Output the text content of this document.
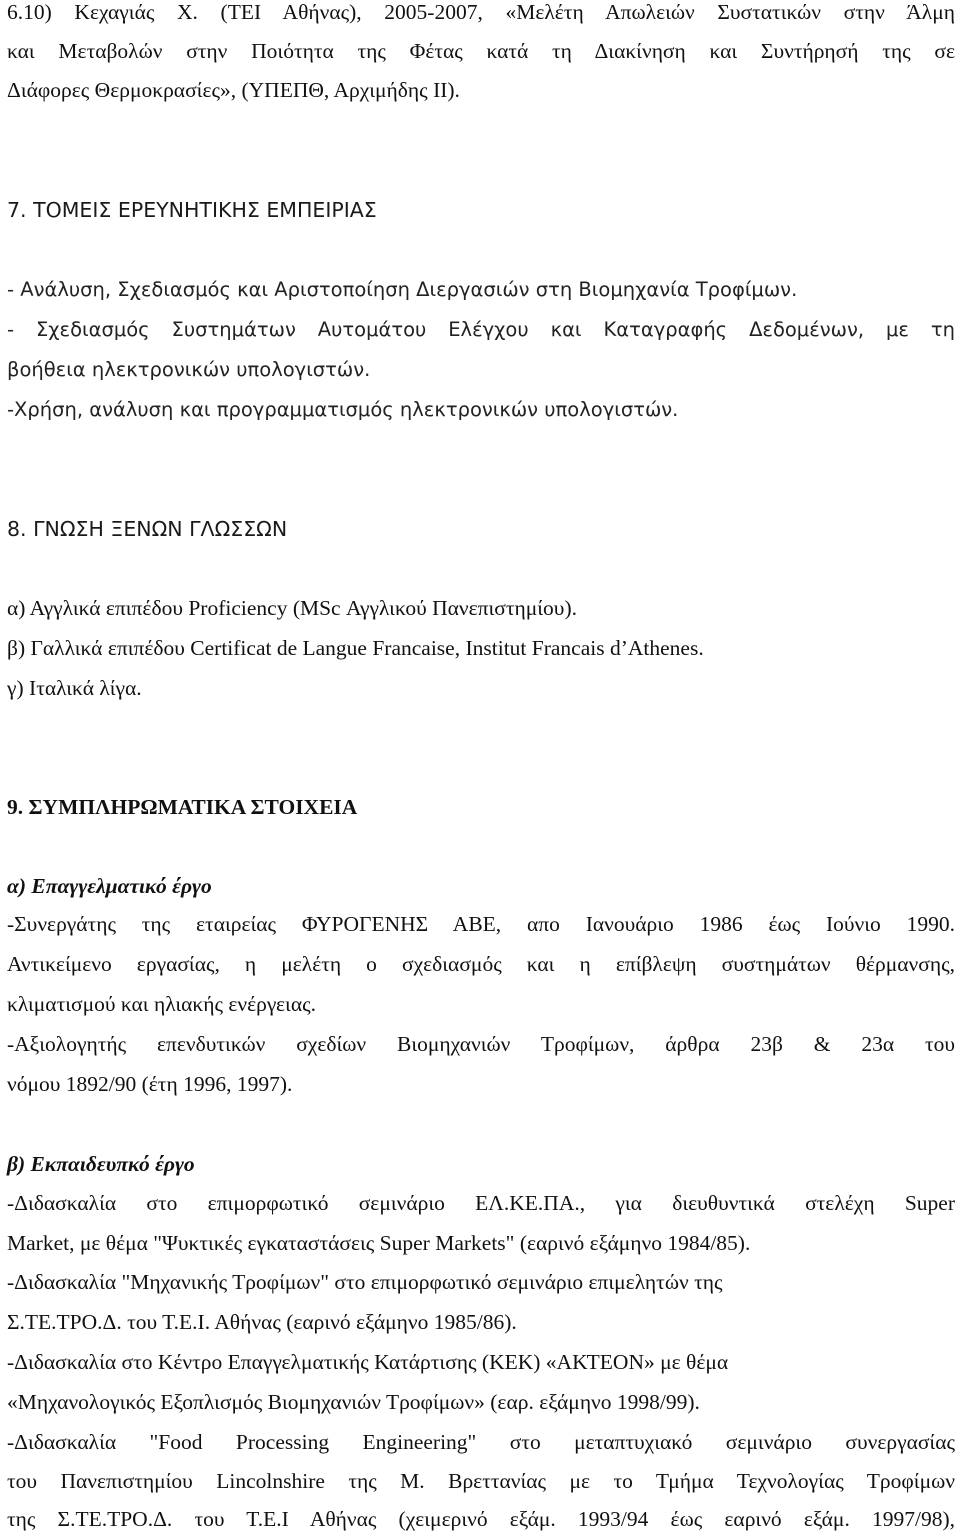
6.10) Κεχαγιάς Χ. (ΤΕΙ Αθήνας), 2005-2007, «Μελέτη Απωλειών Συστατικών στην Άλμη
και Μεταβολών στην Ποιότητα της Φέτας κατά τη Διακίνηση και Συντήρησή της σε
Διάφορες Θερμοκρασίες», (ΥΠΕΠΘ, Αρχιμήδης ΙΙ).
7. ΤΟΜΕΙΣ ΕΡΕΥΝΗΤΙΚΗΣ ΕΜΠΕΙΡΙΑΣ
- Ανάλυση, Σχεδιασμός και Αριστοποίηση Διεργασιών στη Βιομηχανία Τροφίμων.
- Σχεδιασμός Συστημάτων Αυτομάτου Ελέγχου και Καταγραφής Δεδομένων, με τη
βοήθεια ηλεκτρονικών υπολογιστών.
-Χρήση, ανάλυση και προγραμματισμός ηλεκτρονικών υπολογιστών.
8. ΓΝΩΣΗ ΞΕΝΩΝ ΓΛΩΣΣΩΝ
α) Αγγλικά επιπέδου Proficiency (MSc Αγγλικού Πανεπιστημίου).
β) Γαλλικά επιπέδου Certificat de Langue Francaise, Institut Francais d’Athenes.
γ) Ιταλικά λίγα.
9. ΣΥΜΠΛΗΡΩΜΑΤΙΚΑ ΣΤΟΙΧΕΙΑ
α) Επαγγελματικό έργο
-Συνεργάτης της εταιρείας ΦΥΡΟΓΕΝΗΣ ΑΒΕ, απο Ιανουάριο 1986 έως Ιούνιο 1990.
Αντικείμενο εργασίας, η μελέτη ο σχεδιασμός και η επίβλεψη συστημάτων θέρμανσης,
κλιματισμού και ηλιακής ενέργειας.
-Αξιολογητής επενδυτικών σχεδίων Βιομηχανιών Τροφίμων, άρθρα 23β & 23α του
νόμου 1892/90 (έτη 1996, 1997).
β) Εκπαιδευπκό έργο
-Διδασκαλία στο επιμορφωτικό σεμινάριο ΕΛ.ΚΕ.ΠΑ., για διευθυντικά στελέχη Super
Market, με θέμα "Ψυκτικές εγκαταστάσεις Super Markets" (εαρινό εξάμηνο 1984/85).
-Διδασκαλία "Μηχανικής Τροφίμων" στο επιμορφωτικό σεμινάριο επιμελητών της
Σ.ΤΕ.ΤΡΟ.Δ. του Τ.Ε.Ι. Αθήνας (εαρινό εξάμηνο 1985/86).
-Διδασκαλία στο Κέντρο Επαγγελματικής Κατάρτισης (ΚΕΚ) «ΑΚΤΕΟΝ» με θέμα
«Μηχανολογικός Εξοπλισμός Βιομηχανιών Τροφίμων» (εαρ. εξάμηνο 1998/99).
-Διδασκαλία "Food Processing Engineering" στο μεταπτυχιακό σεμινάριο συνεργασίας
του Πανεπιστημίου Lincolnshire της Μ. Βρεττανίας με το Τμήμα Τεχνολογίας Τροφίμων
της Σ.ΤΕ.ΤΡΟ.Δ. του Τ.Ε.Ι Αθήνας (χειμερινό εξάμ. 1993/94 έως εαρινό εξάμ. 1997/98),
